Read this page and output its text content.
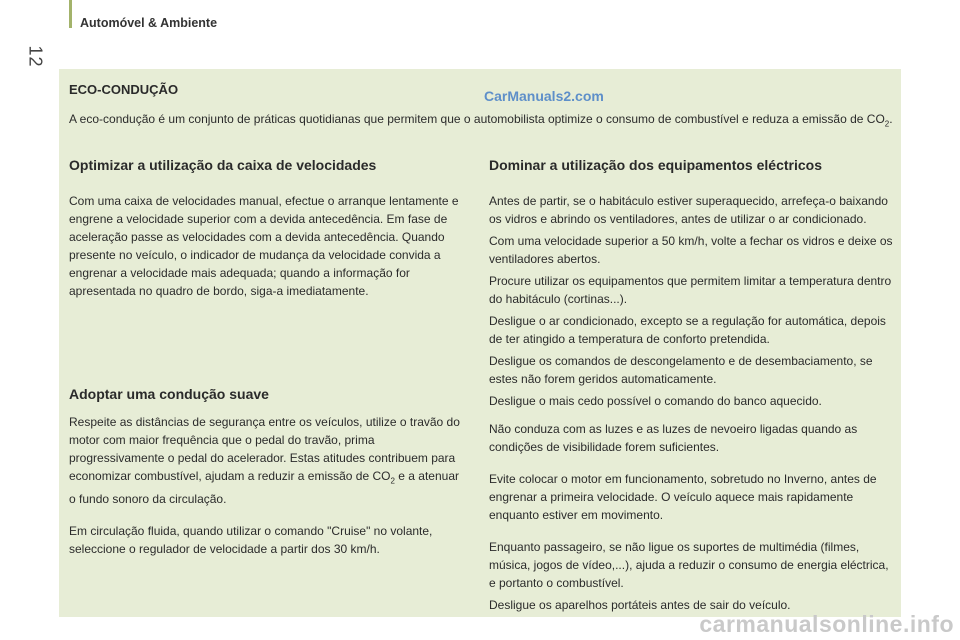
Automóvel & Ambiente
12
ECO-CONDUÇÃO	CarManuals2.com
A eco-condução é um conjunto de práticas quotidianas que permitem que o automobilista optimize o consumo de combustível e reduza a emissão de $CO_2$.
Optimizar a utilização da caixa de velocidades

Com uma caixa de velocidades manual, efectue o arranque lentamente e engrene a velocidade superior com a devida antecedência. Em fase de aceleração passe as velocidades com a devida antecedência. Quando presente no veículo, o indicador de mudança da velocidade convida a engrenar a velocidade mais adequada; quando a informação for apresentada no quadro de bordo, siga-a imediatamente.

Adoptar uma condução suave

Respeite as distâncias de segurança entre os veículos, utilize o travão do motor com maior frequência que o pedal do travão, prima progressivamente o pedal do acelerador. Estas atitudes contribuem para economizar combustível, ajudam a reduzir a emissão de $CO_2$ e a atenuar o fundo sonoro da circulação.

Em circulação fluida, quando utilizar o comando "Cruise" no volante, seleccione o regulador de velocidade a partir dos 30 km/h.

Dominar a utilização dos equipamentos eléctricos

Antes de partir, se o habitáculo estiver superaquecido, arrefeça-o baixando os vidros e abrindo os ventiladores, antes de utilizar o ar condicionado.

Com uma velocidade superior a 50 km/h, volte a fechar os vidros e deixe os ventiladores abertos.

Procure utilizar os equipamentos que permitem limitar a temperatura dentro do habitáculo (cortinas...).

Desligue o ar condicionado, excepto se a regulação for automática, depois de ter atingido a temperatura de conforto pretendida.

Desligue os comandos de descongelamento e de desembaciamento, se estes não forem geridos automaticamente.

Desligue o mais cedo possível o comando do banco aquecido.

Não conduza com as luzes e as luzes de nevoeiro ligadas quando as condições de visibilidade forem suficientes.

Evite colocar o motor em funcionamento, sobretudo no Inverno, antes de engrenar a primeira velocidade. O veículo aquece mais rapidamente enquanto estiver em movimento.

Enquanto passageiro, se não ligue os suportes de multimédia (filmes, música, jogos de vídeo,...), ajuda a reduzir o consumo de energia eléctrica, e portanto o combustível.

Desligue os aparelhos portáteis antes de sair do veículo.

carmanualsonline.info
